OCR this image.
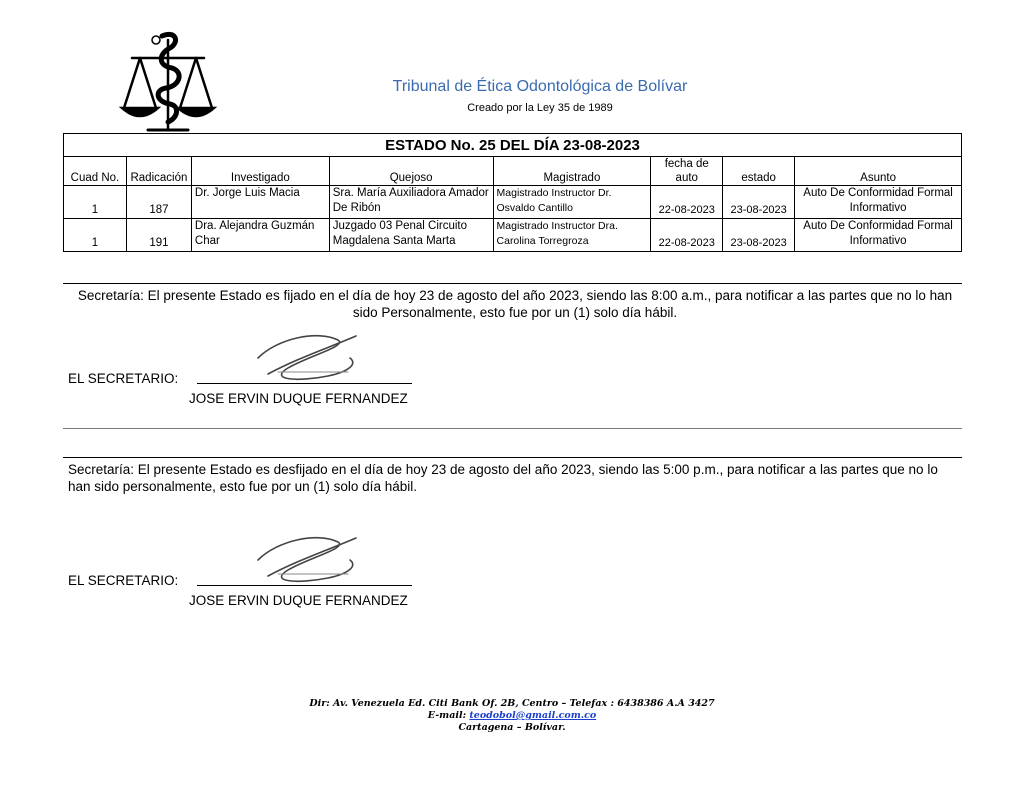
Tribunal de Ética Odontológica de Bolívar
Creado por la Ley 35 de 1989
ESTADO No. 25 DEL DÍA 23-08-2023							
Cuad No.	Radicación	Investigado	Quejoso	Magistrado	fecha de auto	estado	Asunto
1	187	Dr. Jorge Luis Macia	Sra. María Auxiliadora Amador De Ribón	Magistrado Instructor Dr. Osvaldo Cantillo	22-08-2023	23-08-2023	Auto De Conformidad Formal Informativo
1	191	Dra. Alejandra Guzmán Char	Juzgado 03 Penal Circuito Magdalena Santa Marta	Magistrado Instructor Dra. Carolina Torregroza	22-08-2023	23-08-2023	Auto De Conformidad Formal Informativo
Secretaría: El presente Estado es fijado en el día de hoy 23 de agosto del año 2023, siendo las 8:00 a.m., para notificar a las partes que no lo han sido Personalmente, esto fue por un (1) solo día hábil.
EL SECRETARIO:
JOSE ERVIN DUQUE FERNANDEZ
Secretaría: El presente Estado es desfijado en el día de hoy 23 de agosto del año 2023, siendo las 5:00 p.m., para notificar a las partes que no lo han sido personalmente, esto fue por un (1) solo día hábil.
EL SECRETARIO:
JOSE ERVIN DUQUE FERNANDEZ
Dir: Av. Venezuela Ed. Citi Bank Of. 2B, Centro – Telefax : 6438386 A.A 3427
E-mail: teodobol@gmail.com.co
Cartagena – Bolívar.
